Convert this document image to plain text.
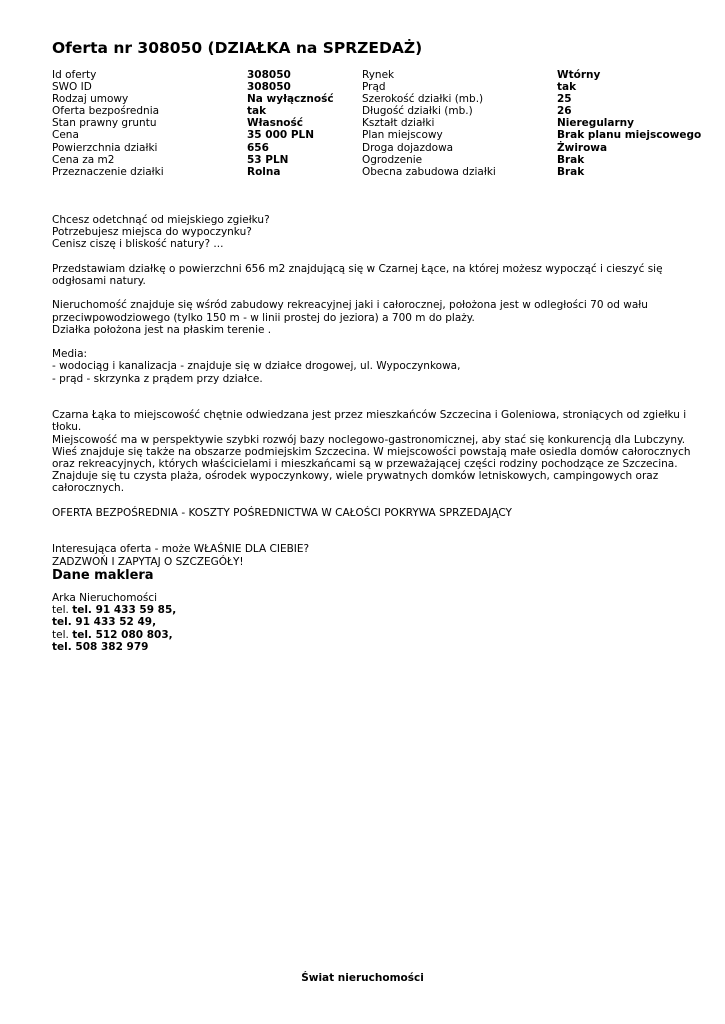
Oferta nr 308050 (DZIAŁKA na SPRZEDAŻ)
Id oferty	308050	Rynek	Wtórny
SWO ID	308050	Prąd	tak
Rodzaj umowy	Na wyłączność	Szerokość działki (mb.)	25
Oferta bezpośrednia	tak	Długość działki (mb.)	26
Stan prawny gruntu	Własność	Kształt działki	Nieregularny
Cena	35 000 PLN	Plan miejscowy	Brak planu miejscowego
Powierzchnia działki	656	Droga dojazdowa	Żwirowa
Cena za m2	53 PLN	Ogrodzenie	Brak
Przeznaczenie działki	Rolna	Obecna zabudowa działki	Brak

Chcesz odetchnąć od miejskiego zgiełku?

Potrzebujesz miejsca do wypoczynku?

Cenisz ciszę i bliskość natury? ...

Przedstawiam działkę o powierzchni 656 m2 znajdującą się w Czarnej Łące, na której możesz wypocząć i cieszyć się odgłosami natury.

Nieruchomość znajduje się wśród zabudowy rekreacyjnej jaki i całorocznej, położona jest w odległości 70 od wału przeciwpowodziowego (tylko 150 m - w linii prostej do jeziora) a 700 m do plaży.

Działka położona jest na płaskim terenie .

Media:

- wodociąg i kanalizacja - znajduje się w działce drogowej, ul. Wypoczynkowa,

- prąd - skrzynka z prądem przy działce.

Czarna Łąka to miejscowość chętnie odwiedzana jest przez mieszkańców Szczecina i Goleniowa, stroniących od zgiełku i tłoku.

Miejscowość ma w perspektywie szybki rozwój bazy noclegowo-gastronomicznej, aby stać się konkurencją dla Lubczyny.

Wieś znajduje się także na obszarze podmiejskim Szczecina. W miejscowości powstają małe osiedla domów całorocznych oraz rekreacyjnych, których właścicielami i mieszkańcami są w przeważającej części rodziny pochodzące ze Szczecina.

Znajduje się tu czysta plaża, ośrodek wypoczynkowy, wiele prywatnych domków letniskowych, campingowych oraz całorocznych.

OFERTA BEZPOŚREDNIA - KOSZTY POŚREDNICTWA W CAŁOŚCI POKRYWA SPRZEDAJĄCY

Interesująca oferta - może WŁAŚNIE DLA CIEBIE?

ZADZWOŃ I ZAPYTAJ O SZCZEGÓŁY!

Dane maklera
Arka Nieruchomości
tel. tel. 91 433 59 85,
tel. 91 433 52 49,
tel. tel. 512 080 803,
tel. 508 382 979
Świat nieruchomości
